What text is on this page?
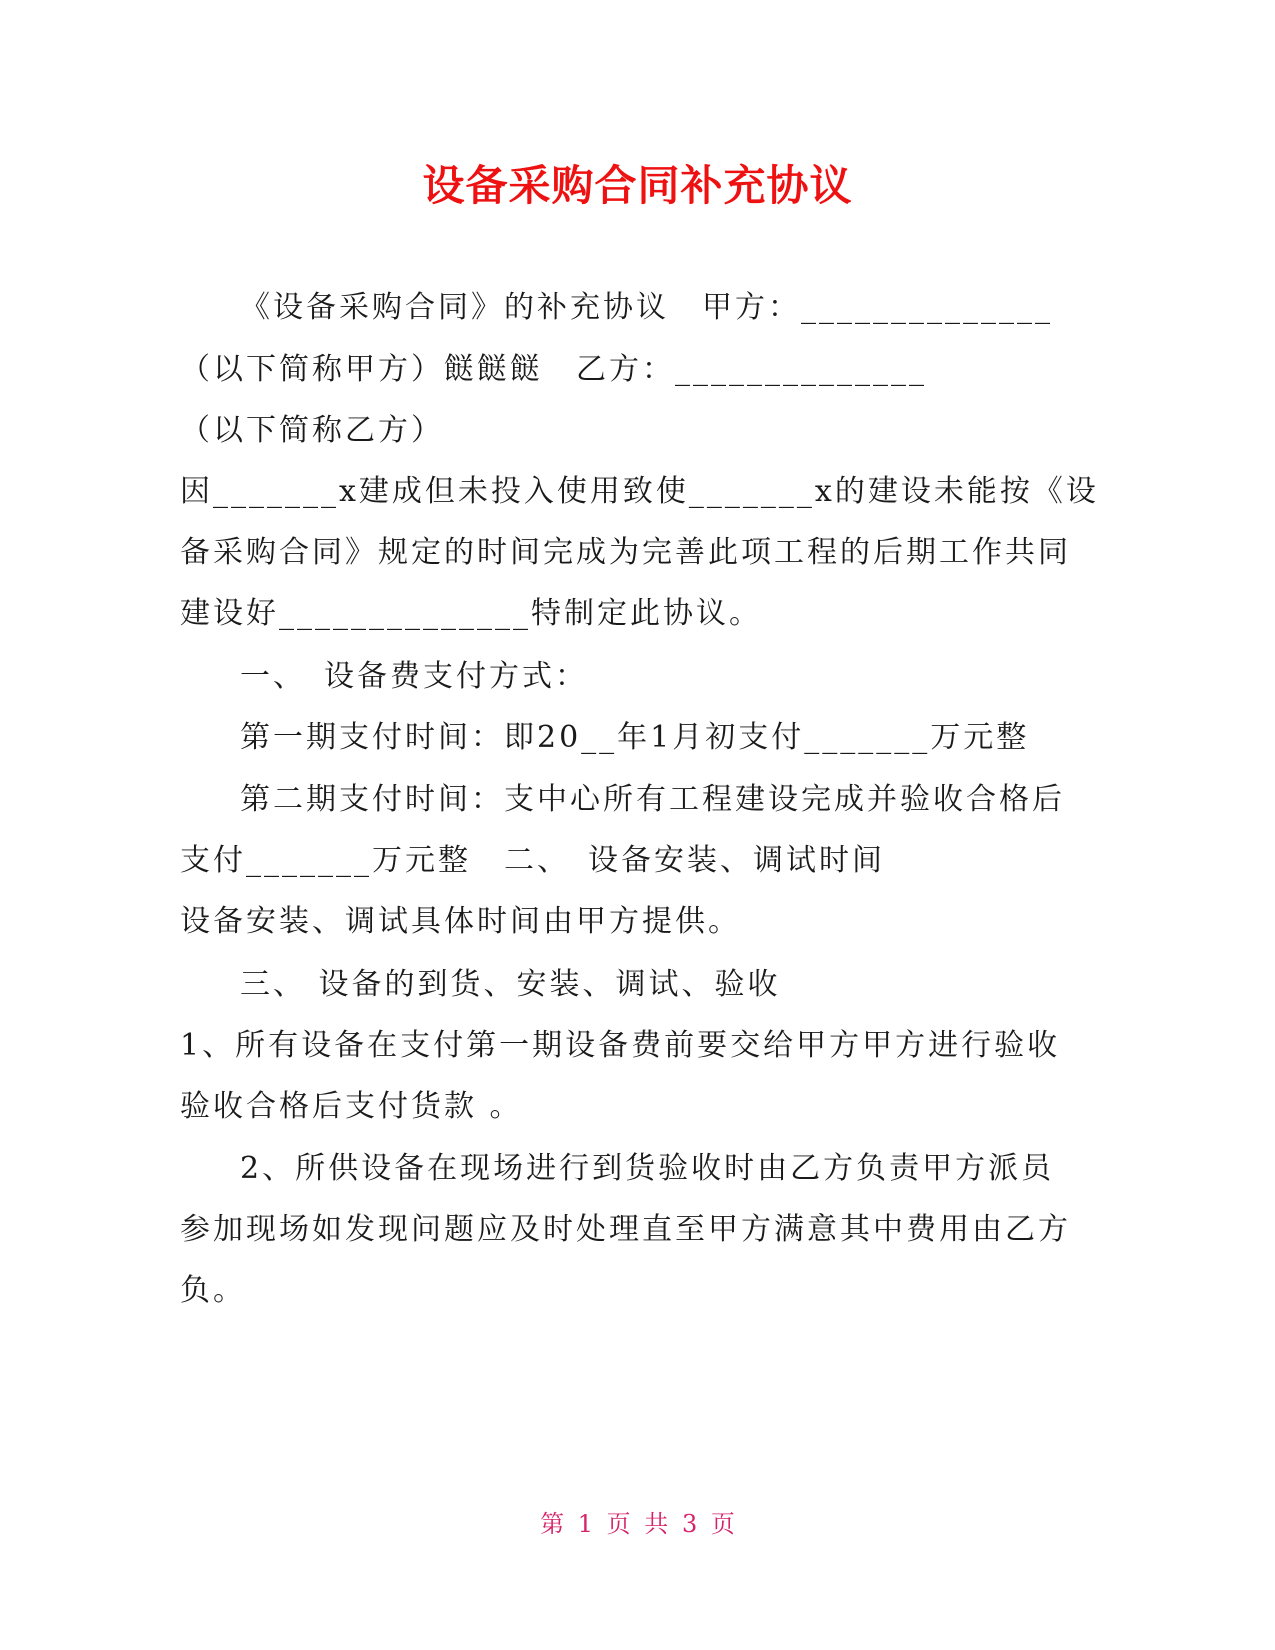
设备采购合同补充协议
《设备采购合同》的补充协议　甲方：______________
（以下简称甲方）餸餸餸　乙方：______________
（以下简称乙方）
因_______x建成但未投入使用致使_______x的建设未能按《设
备采购合同》规定的时间完成为完善此项工程的后期工作共同
建设好______________特制定此协议。
一、　设备费支付方式：
第一期支付时间：即20__年1月初支付_______万元整
第二期支付时间：支中心所有工程建设完成并验收合格后
支付_______万元整　二、　设备安装、调试时间
设备安装、调试具体时间由甲方提供。
三、 设备的到货、安装、调试、验收
1、所有设备在支付第一期设备费前要交给甲方甲方进行验收
验收合格后支付货款 。
2、所供设备在现场进行到货验收时由乙方负责甲方派员
参加现场如发现问题应及时处理直至甲方满意其中费用由乙方
负。
第 1 页 共 3 页
